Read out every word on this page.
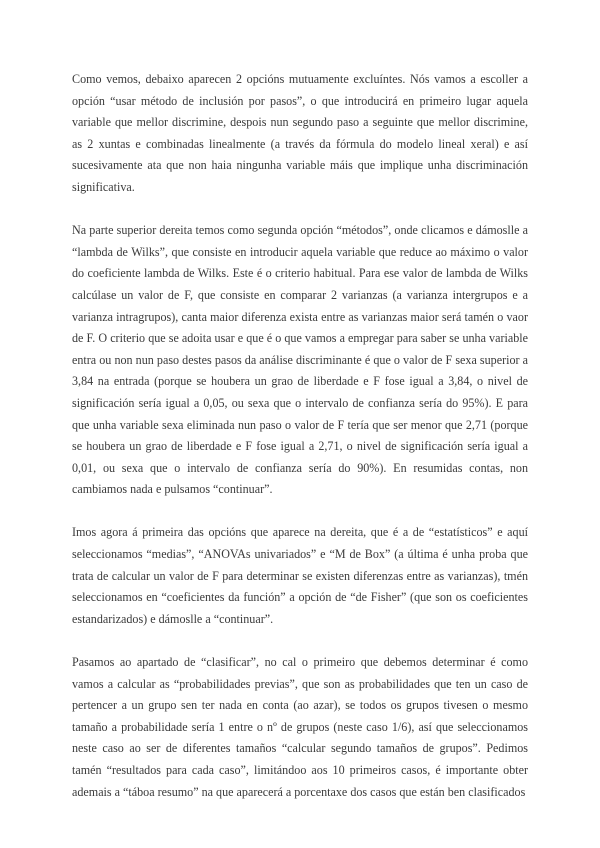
Como vemos, debaixo aparecen 2 opcións mutuamente excluíntes. Nós vamos a escoller a opción “usar método de inclusión por pasos”, o que introducirá en primeiro lugar aquela variable que mellor discrimine, despois nun segundo paso a seguinte que mellor discrimine, as 2 xuntas e combinadas linealmente (a través da fórmula do modelo lineal xeral) e así sucesivamente ata que non haia ningunha variable máis que implique unha discriminación significativa.

Na parte superior dereita temos como segunda opción “métodos”, onde clicamos e dámoslle a “lambda de Wilks”, que consiste en introducir aquela variable que reduce ao máximo o valor do coeficiente lambda de Wilks. Este é o criterio habitual. Para ese valor de lambda de Wilks calcúlase un valor de F, que consiste en comparar 2 varianzas (a varianza intergrupos e a varianza intragrupos), canta maior diferenza exista entre as varianzas maior será tamén o vaor de F. O criterio que se adoita usar e que é o que vamos a empregar para saber se unha variable entra ou non nun paso destes pasos da análise discriminante é que o valor de F sexa superior a 3,84 na entrada (porque se houbera un grao de liberdade e F fose igual a 3,84, o nivel de significación sería igual a 0,05, ou sexa que o intervalo de confianza sería do 95%). E para que unha variable sexa eliminada nun paso o valor de F tería que ser menor que 2,71 (porque se houbera un grao de liberdade e F fose igual a 2,71, o nivel de significación sería igual a 0,01, ou sexa que o intervalo de confianza sería do 90%). En resumidas contas, non cambiamos nada e pulsamos “continuar”.

Imos agora á primeira das opcións que aparece na dereita, que é a de “estatísticos” e aquí seleccionamos “medias”, “ANOVAs univariados” e “M de Box” (a última é unha proba que trata de calcular un valor de F para determinar se existen diferenzas entre as varianzas), tmén seleccionamos en “coeficientes da función” a opción de “de Fisher” (que son os coeficientes estandarizados) e dámoslle a “continuar”.

Pasamos ao apartado de “clasificar”, no cal o primeiro que debemos determinar é como vamos a calcular as “probabilidades previas”, que son as probabilidades que ten un caso de pertencer a un grupo sen ter nada en conta (ao azar), se todos os grupos tivesen o mesmo tamaño a probabilidade sería 1 entre o nº de grupos (neste caso 1/6), así que seleccionamos neste caso ao ser de diferentes tamaños “calcular segundo tamaños de grupos”. Pedimos tamén “resultados para cada caso”, limitándoo aos 10 primeiros casos, é importante obter ademais a “táboa resumo” na que aparecerá a porcentaxe dos casos que están ben clasificados
